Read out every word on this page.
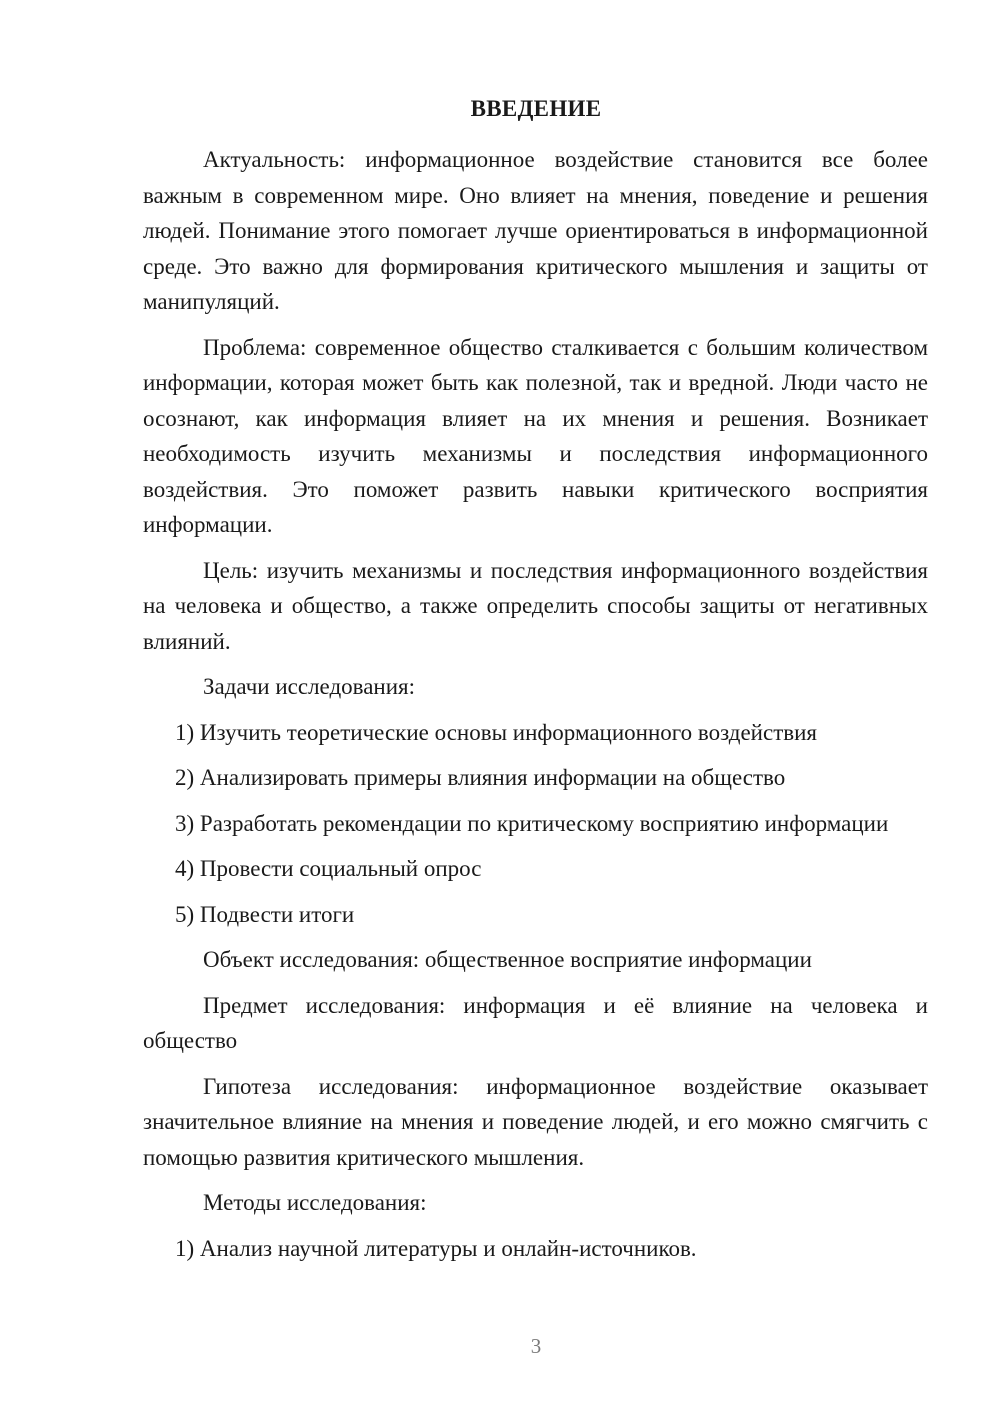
ВВЕДЕНИЕ

Актуальность: информационное воздействие становится все более важным в современном мире. Оно влияет на мнения, поведение и решения людей. Понимание этого помогает лучше ориентироваться в информационной среде. Это важно для формирования критического мышления и защиты от манипуляций.

Проблема: современное общество сталкивается с большим количеством информации, которая может быть как полезной, так и вредной. Люди часто не осознают, как информация влияет на их мнения и решения. Возникает необходимость изучить механизмы и последствия информационного воздействия. Это поможет развить навыки критического восприятия информации.

Цель: изучить механизмы и последствия информационного воздействия на человека и общество, а также определить способы защиты от негативных влияний.

Задачи исследования:

1) Изучить теоретические основы информационного воздействия

2) Анализировать примеры влияния информации на общество

3) Разработать рекомендации по критическому восприятию информации

4) Провести социальный опрос

5) Подвести итоги

Объект исследования: общественное восприятие информации

Предмет исследования: информация и её влияние на человека и общество

Гипотеза исследования: информационное воздействие оказывает значительное влияние на мнения и поведение людей, и его можно смягчить с помощью развития критического мышления.

Методы исследования:

1) Анализ научной литературы и онлайн-источников.

3
